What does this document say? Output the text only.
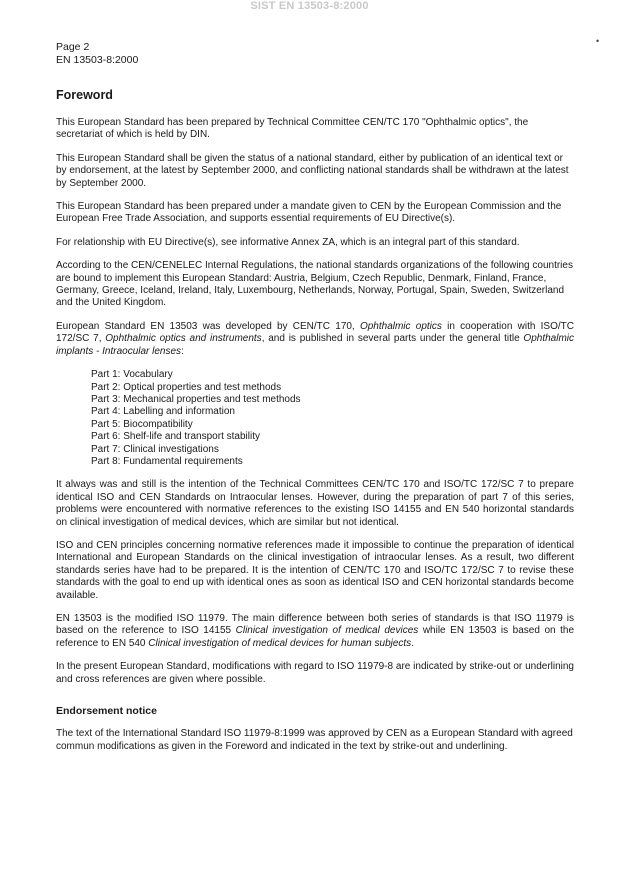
SIST EN 13503-8:2000
Page 2
EN 13503-8:2000
Foreword

This European Standard has been prepared by Technical Committee CEN/TC 170 "Ophthalmic optics", the secretariat of which is held by DIN.

This European Standard shall be given the status of a national standard, either by publication of an identical text or by endorsement, at the latest by September 2000, and conflicting national standards shall be withdrawn at the latest by September 2000.

This European Standard has been prepared under a mandate given to CEN by the European Commission and the European Free Trade Association, and supports essential requirements of EU Directive(s).

For relationship with EU Directive(s), see informative Annex ZA, which is an integral part of this standard.

According to the CEN/CENELEC Internal Regulations, the national standards organizations of the following countries are bound to implement this European Standard: Austria, Belgium, Czech Republic, Denmark, Finland, France, Germany, Greece, Iceland, Ireland, Italy, Luxembourg, Netherlands, Norway, Portugal, Spain, Sweden, Switzerland and the United Kingdom.

European Standard EN 13503 was developed by CEN/TC 170, Ophthalmic optics in cooperation with ISO/TC 172/SC 7, Ophthalmic optics and instruments, and is published in several parts under the general title Ophthalmic implants - Intraocular lenses:

Part 1: Vocabulary
Part 2: Optical properties and test methods
Part 3: Mechanical properties and test methods
Part 4: Labelling and information
Part 5: Biocompatibility
Part 6: Shelf-life and transport stability
Part 7: Clinical investigations
Part 8: Fundamental requirements

It always was and still is the intention of the Technical Committees CEN/TC 170 and ISO/TC 172/SC 7 to prepare identical ISO and CEN Standards on Intraocular lenses. However, during the preparation of part 7 of this series, problems were encountered with normative references to the existing ISO 14155 and EN 540 horizontal standards on clinical investigation of medical devices, which are similar but not identical.

ISO and CEN principles concerning normative references made it impossible to continue the preparation of identical International and European Standards on the clinical investigation of intraocular lenses. As a result, two different standards series have had to be prepared. It is the intention of CEN/TC 170 and ISO/TC 172/SC 7 to revise these standards with the goal to end up with identical ones as soon as identical ISO and CEN horizontal standards become available.

EN 13503 is the modified ISO 11979. The main difference between both series of standards is that ISO 11979 is based on the reference to ISO 14155 Clinical investigation of medical devices while EN 13503 is based on the reference to EN 540 Clinical investigation of medical devices for human subjects.

In the present European Standard, modifications with regard to ISO 11979-8 are indicated by strike-out or underlining and cross references are given where possible.

Endorsement notice

The text of the International Standard ISO 11979-8:1999 was approved by CEN as a European Standard with agreed commun modifications as given in the Foreword and indicated in the text by strike-out and underlining.

•
